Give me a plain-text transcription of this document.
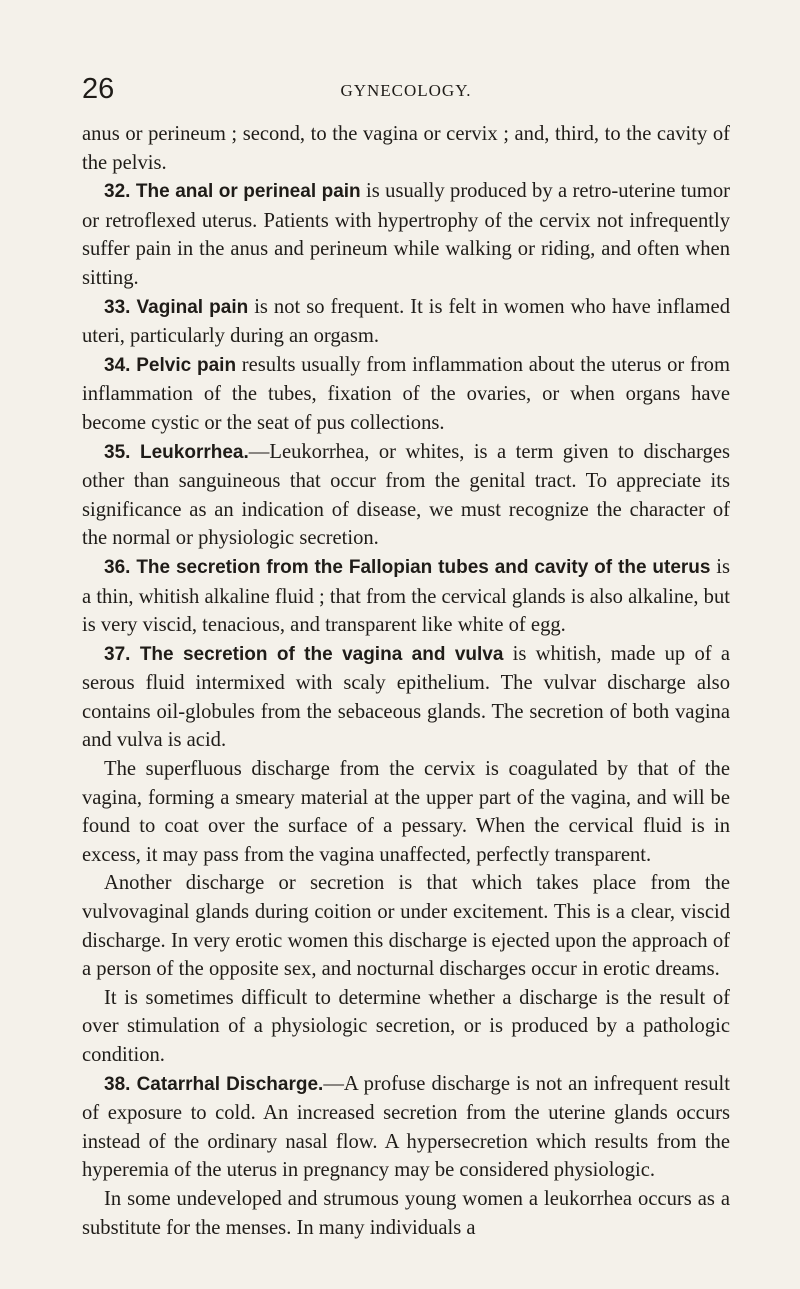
26	GYNECOLOGY.

anus or perineum ; second, to the vagina or cervix ; and, third, to the cavity of the pelvis.

32. The anal or perineal pain is usually produced by a retro-uterine tumor or retroflexed uterus. Patients with hypertrophy of the cervix not infrequently suffer pain in the anus and perineum while walking or riding, and often when sitting.

33. Vaginal pain is not so frequent. It is felt in women who have inflamed uteri, particularly during an orgasm.

34. Pelvic pain results usually from inflammation about the uterus or from inflammation of the tubes, fixation of the ovaries, or when organs have become cystic or the seat of pus collections.

35. Leukorrhea.—Leukorrhea, or whites, is a term given to discharges other than sanguineous that occur from the genital tract. To appreciate its significance as an indication of disease, we must recognize the character of the normal or physiologic secretion.

36. The secretion from the Fallopian tubes and cavity of the uterus is a thin, whitish alkaline fluid ; that from the cervical glands is also alkaline, but is very viscid, tenacious, and transparent like white of egg.

37. The secretion of the vagina and vulva is whitish, made up of a serous fluid intermixed with scaly epithelium. The vulvar discharge also contains oil-globules from the sebaceous glands. The secretion of both vagina and vulva is acid.

The superfluous discharge from the cervix is coagulated by that of the vagina, forming a smeary material at the upper part of the vagina, and will be found to coat over the surface of a pessary. When the cervical fluid is in excess, it may pass from the vagina unaffected, perfectly transparent.

Another discharge or secretion is that which takes place from the vulvovaginal glands during coition or under excitement. This is a clear, viscid discharge. In very erotic women this discharge is ejected upon the approach of a person of the opposite sex, and nocturnal discharges occur in erotic dreams.

It is sometimes difficult to determine whether a discharge is the result of over stimulation of a physiologic secretion, or is produced by a pathologic condition.

38. Catarrhal Discharge.—A profuse discharge is not an infrequent result of exposure to cold. An increased secretion from the uterine glands occurs instead of the ordinary nasal flow. A hypersecretion which results from the hyperemia of the uterus in pregnancy may be considered physiologic.

In some undeveloped and strumous young women a leukorrhea occurs as a substitute for the menses. In many individuals a
